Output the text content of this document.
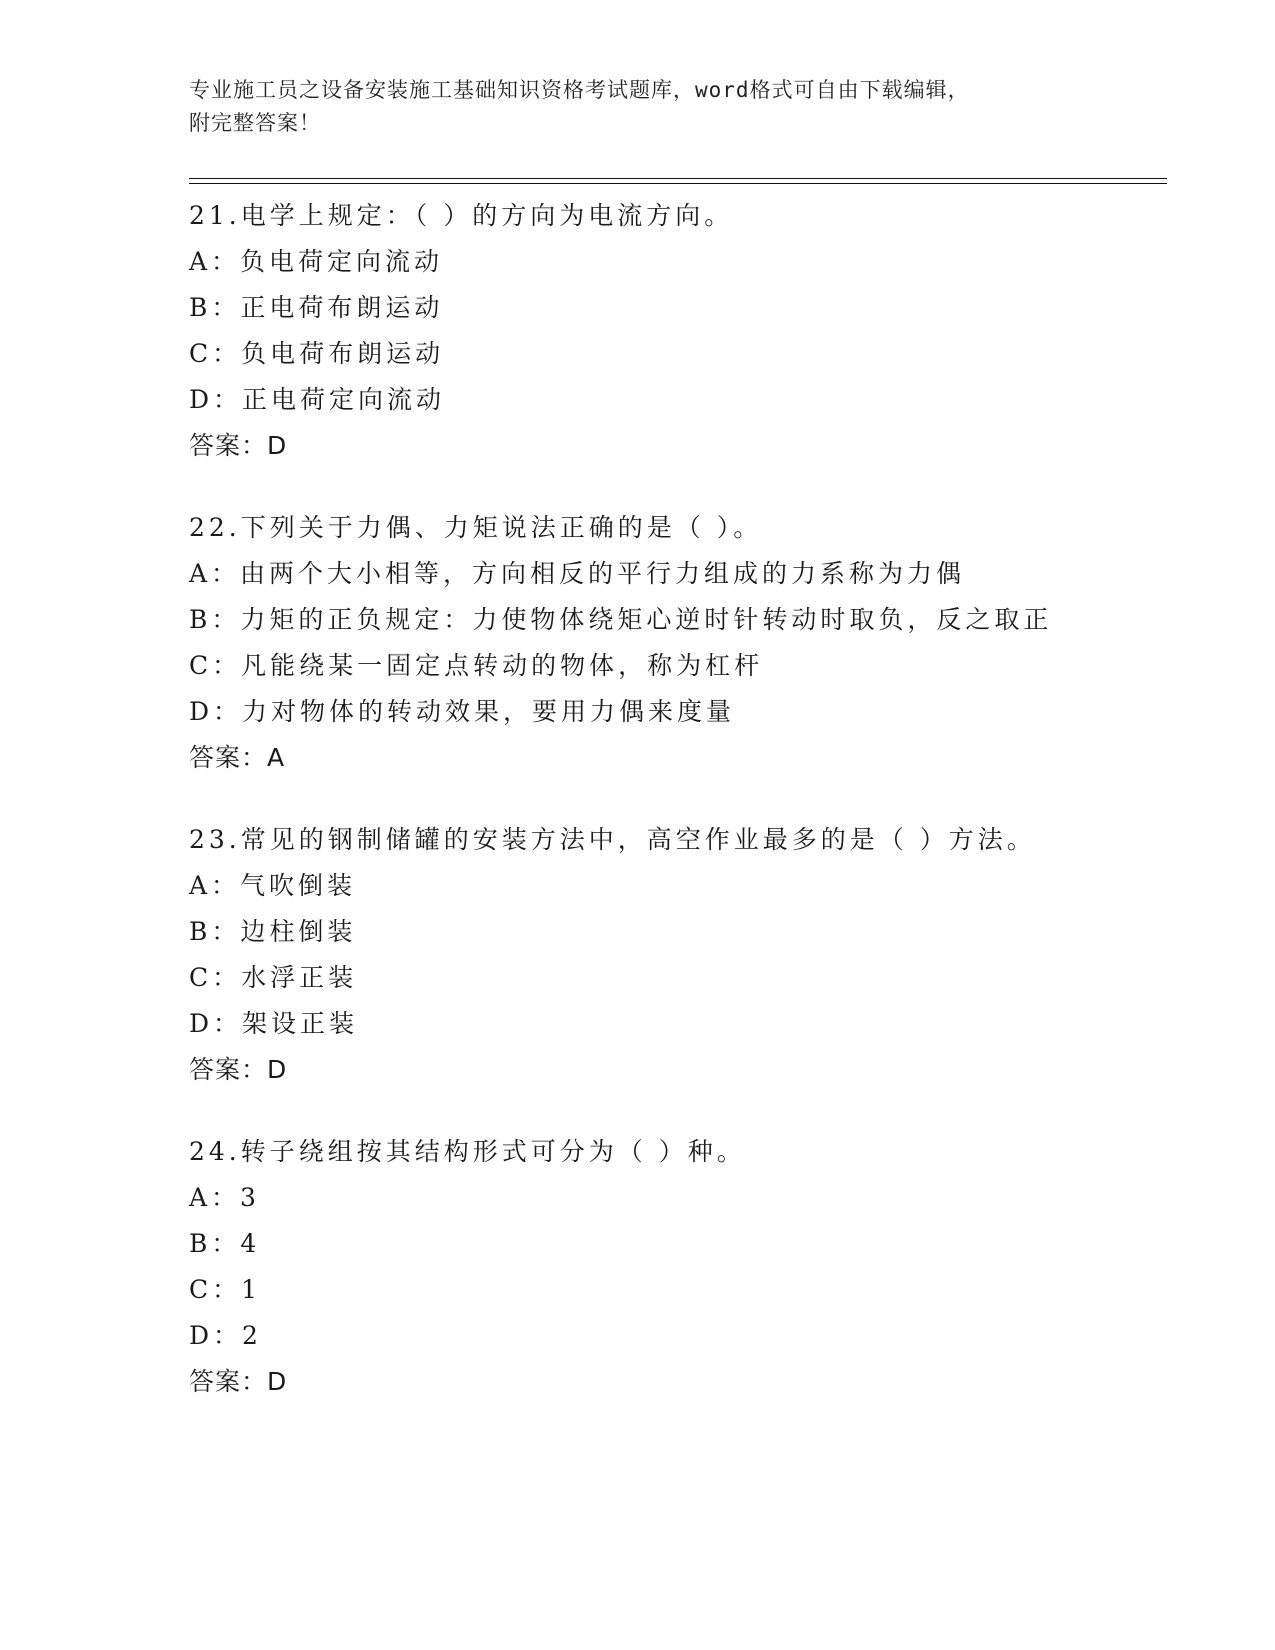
专业施工员之设备安装施工基础知识资格考试题库，word格式可自由下载编辑，
附完整答案！
21.电学上规定：（ ）的方向为电流方向。
A：负电荷定向流动
B：正电荷布朗运动
C：负电荷布朗运动
D：正电荷定向流动
答案：D
22.下列关于力偶、力矩说法正确的是（ ）。
A：由两个大小相等，方向相反的平行力组成的力系称为力偶
B：力矩的正负规定：力使物体绕矩心逆时针转动时取负，反之取正
C：凡能绕某一固定点转动的物体，称为杠杆
D：力对物体的转动效果，要用力偶来度量
答案：A
23.常见的钢制储罐的安装方法中，高空作业最多的是（ ）方法。
A：气吹倒装
B：边柱倒装
C：水浮正装
D：架设正装
答案：D
24.转子绕组按其结构形式可分为（ ）种。
A：3
B：4
C：1
D：2
答案：D
